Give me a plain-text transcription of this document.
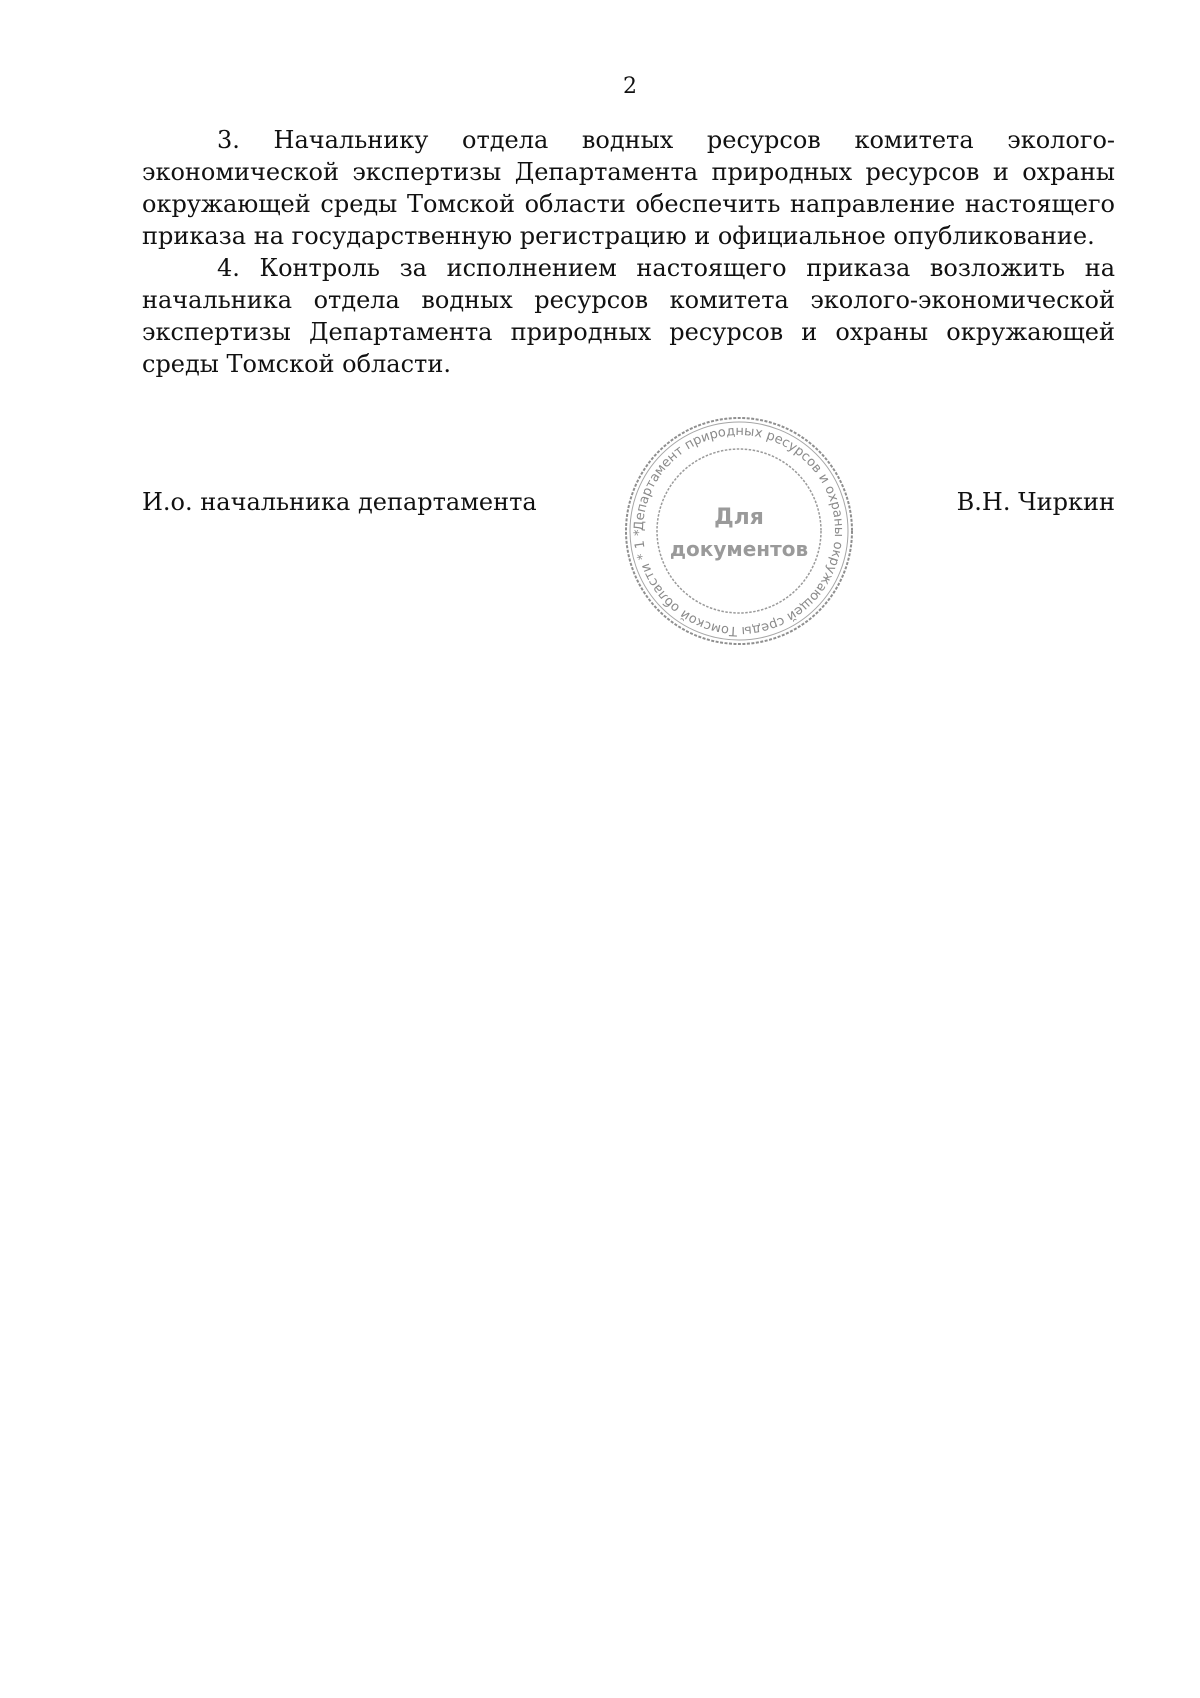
2

3. Начальнику отдела водных ресурсов комитета эколого-экономической экспертизы Департамента природных ресурсов и охраны окружающей среды Томской области обеспечить направление настоящего приказа на государственную регистрацию и официальное опубликование.

4. Контроль за исполнением настоящего приказа возложить на начальника отдела водных ресурсов комитета эколого-экономической экспертизы Департамента природных ресурсов и охраны окружающей среды Томской области.

И.о. начальника департамента	В.Н. Чиркин
Департамент природных ресурсов и охраны окружающей среды Томской области * 1 *
Для
документов
